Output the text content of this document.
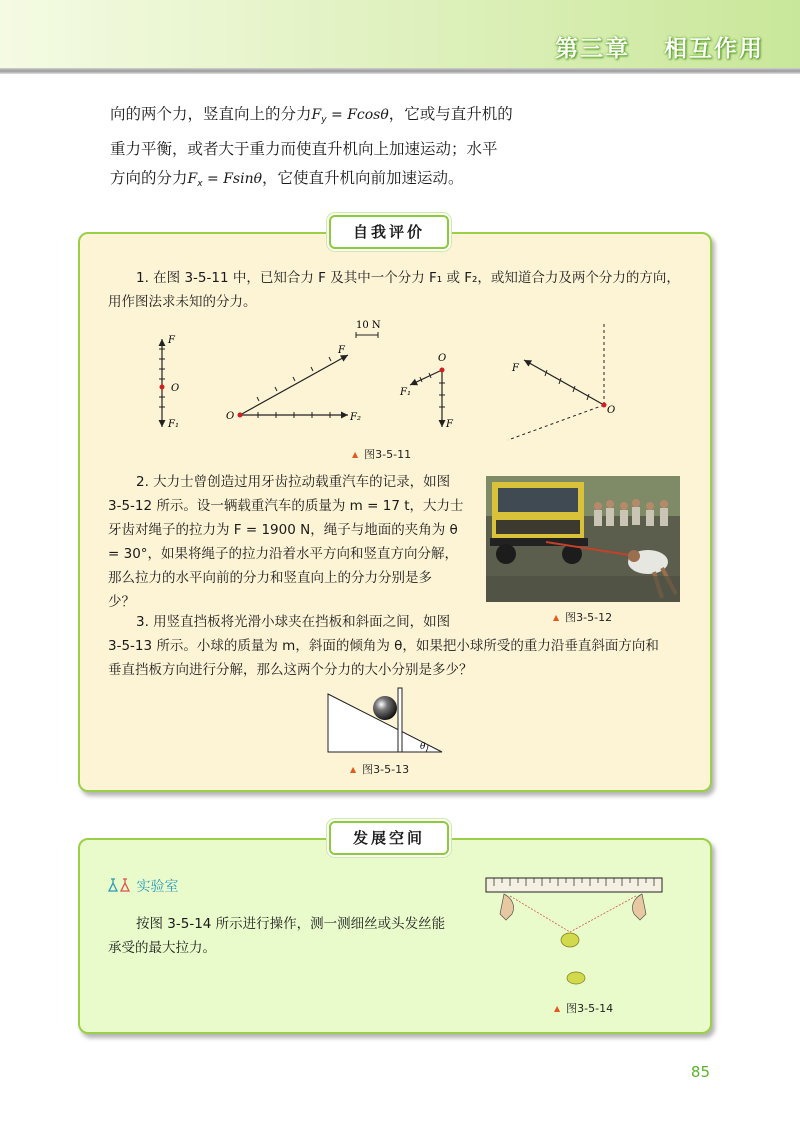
第三章 相互作用

向的两个力，竖直向上的分力$F_y = Fcos\theta$，它或与直升机的

重力平衡，或者大于重力而使直升机向上加速运动；水平

方向的分力$F_x = Fsin\theta$，它使直升机向前加速运动。

自我评价

1. 在图 3-5-11 中，已知合力 F 及其中一个分力 F₁ 或 F₂，或知道合力及两个分力的方向，

用作图法求未知的分力。

10 N
F
O
F₁
O
F
F₂
O
F₁
F
O
F
▲ 图3-5-11

2. 大力士曾创造过用牙齿拉动载重汽车的记录，如图

3-5-12 所示。设一辆载重汽车的质量为 m = 17 t，大力士

牙齿对绳子的拉力为 F = 1900 N，绳子与地面的夹角为 θ

= 30°，如果将绳子的拉力沿着水平方向和竖直方向分解，

那么拉力的水平向前的分力和竖直向上的分力分别是多

少？

▲ 图3-5-12

3. 用竖直挡板将光滑小球夹在挡板和斜面之间，如图

3-5-13 所示。小球的质量为 m，斜面的倾角为 θ，如果把小球所受的重力沿垂直斜面方向和

垂直挡板方向进行分解，那么这两个分力的大小分别是多少？

θ
▲ 图3-5-13
发展空间
实验室

按图 3-5-14 所示进行操作，测一测细丝或头发丝能

承受的最大拉力。

▲ 图3-5-14
85
